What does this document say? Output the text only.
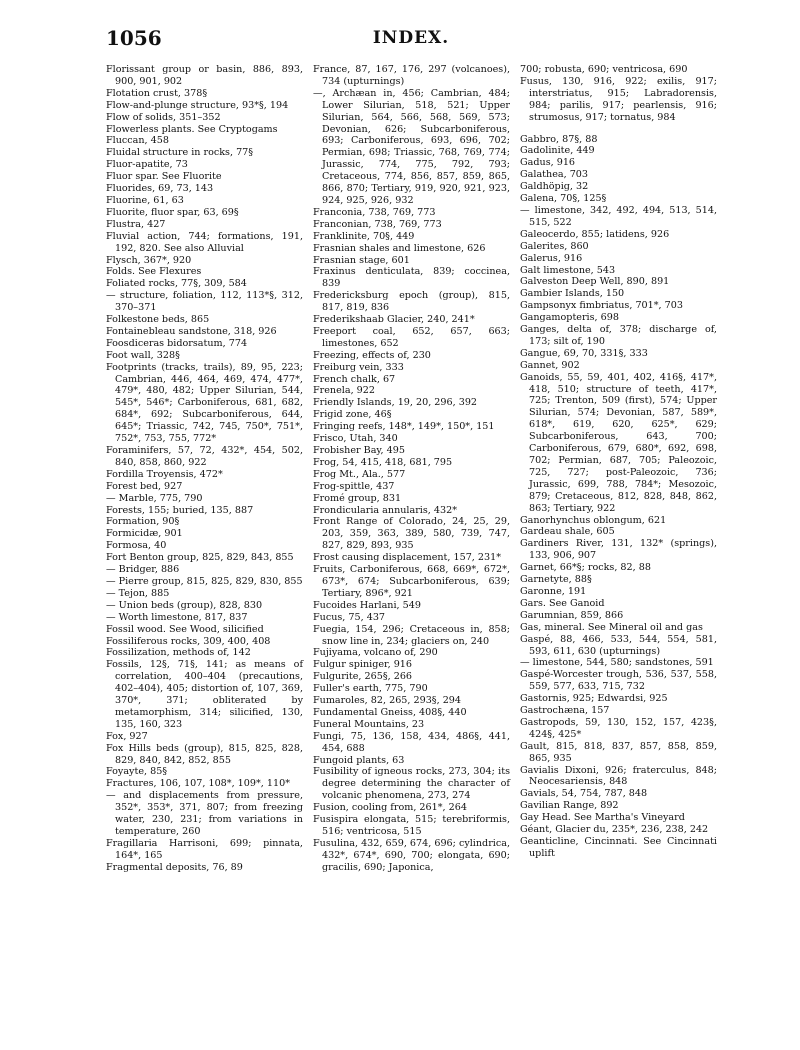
1056	INDEX.

Florissant group or basin, 886, 893, 900, 901, 902

Flotation crust, 378§

Flow-and-plunge structure, 93*§, 194

Flow of solids, 351–352

Flowerless plants. See Cryptogams

Fluccan, 458

Fluidal structure in rocks, 77§

Fluor-apatite, 73

Fluor spar. See Fluorite

Fluorides, 69, 73, 143

Fluorine, 61, 63

Fluorite, fluor spar, 63, 69§

Flustra, 427

Fluvial action, 744; formations, 191, 192, 820. See also Alluvial

Flysch, 367*, 920

Folds. See Flexures

Foliated rocks, 77§, 309, 584

— structure, foliation, 112, 113*§, 312, 370–371

Folkestone beds, 865

Fontainebleau sandstone, 318, 926

Foosdiceras bidorsatum, 774

Foot wall, 328§

Footprints (tracks, trails), 89, 95, 223; Cambrian, 446, 464, 469, 474, 477*, 479*, 480, 482; Upper Silurian, 544, 545*, 546*; Carboniferous, 681, 682, 684*, 692; Subcarboniferous, 644, 645*; Triassic, 742, 745, 750*, 751*, 752*, 753, 755, 772*

Foraminifers, 57, 72, 432*, 454, 502, 840, 858, 860, 922

Fordilla Troyensis, 472*

Forest bed, 927

— Marble, 775, 790

Forests, 155; buried, 135, 887

Formation, 90§

Formicidæ, 901

Formosa, 40

Fort Benton group, 825, 829, 843, 855

— Bridger, 886

— Pierre group, 815, 825, 829, 830, 855

— Tejon, 885

— Union beds (group), 828, 830

— Worth limestone, 817, 837

Fossil wood. See Wood, silicified

Fossiliferous rocks, 309, 400, 408

Fossilization, methods of, 142

Fossils, 12§, 71§, 141; as means of correlation, 400–404 (precautions, 402–404), 405; distortion of, 107, 369, 370*, 371; obliterated by metamorphism, 314; silicified, 130, 135, 160, 323

Fox, 927

Fox Hills beds (group), 815, 825, 828, 829, 840, 842, 852, 855

Foyayte, 85§

Fractures, 106, 107, 108*, 109*, 110*

— and displacements from pressure, 352*, 353*, 371, 807; from freezing water, 230, 231; from variations in temperature, 260

Fragillaria Harrisoni, 699; pinnata, 164*, 165

Fragmental deposits, 76, 89

France, 87, 167, 176, 297 (volcanoes), 734 (upturnings)

—, Archæan in, 456; Cambrian, 484; Lower Silurian, 518, 521; Upper Silurian, 564, 566, 568, 569, 573; Devonian, 626; Subcarboniferous, 693; Carboniferous, 693, 696, 702; Permian, 698; Triassic, 768, 769, 774; Jurassic, 774, 775, 792, 793; Cretaceous, 774, 856, 857, 859, 865, 866, 870; Tertiary, 919, 920, 921, 923, 924, 925, 926, 932

Franconia, 738, 769, 773

Franconian, 738, 769, 773

Franklinite, 70§, 449

Frasnian shales and limestone, 626

Frasnian stage, 601

Fraxinus denticulata, 839; coccinea, 839

Fredericksburg epoch (group), 815, 817, 819, 836

Frederikshaab Glacier, 240, 241*

Freeport coal, 652, 657, 663; limestones, 652

Freezing, effects of, 230

Freiburg vein, 333

French chalk, 67

Frenela, 922

Friendly Islands, 19, 20, 296, 392

Frigid zone, 46§

Fringing reefs, 148*, 149*, 150*, 151

Frisco, Utah, 340

Frobisher Bay, 495

Frog, 54, 415, 418, 681, 795

Frog Mt., Ala., 577

Frog-spittle, 437

Fromé group, 831

Frondicularia annularis, 432*

Front Range of Colorado, 24, 25, 29, 203, 359, 363, 389, 580, 739, 747, 827, 829, 893, 935

Frost causing displacement, 157, 231*

Fruits, Carboniferous, 668, 669*, 672*, 673*, 674; Subcarboniferous, 639; Tertiary, 896*, 921

Fucoides Harlani, 549

Fucus, 75, 437

Fuegia, 154, 296; Cretaceous in, 858; snow line in, 234; glaciers on, 240

Fujiyama, volcano of, 290

Fulgur spiniger, 916

Fulgurite, 265§, 266

Fuller's earth, 775, 790

Fumaroles, 82, 265, 293§, 294

Fundamental Gneiss, 408§, 440

Funeral Mountains, 23

Fungi, 75, 136, 158, 434, 486§, 441, 454, 688

Fungoid plants, 63

Fusibility of igneous rocks, 273, 304; its degree determining the character of volcanic phenomena, 273, 274

Fusion, cooling from, 261*, 264

Fusispira elongata, 515; terebriformis, 516; ventricosa, 515

Fusulina, 432, 659, 674, 696; cylindrica, 432*, 674*, 690, 700; elongata, 690; gracilis, 690; Japonica,

700; robusta, 690; ventricosa, 690

Fusus, 130, 916, 922; exilis, 917; interstriatus, 915; Labradorensis, 984; parilis, 917; pearlensis, 916; strumosus, 917; tornatus, 984

Gabbro, 87§, 88

Gadolinite, 449

Gadus, 916

Galathea, 703

Galdhöpig, 32

Galena, 70§, 125§

— limestone, 342, 492, 494, 513, 514, 515, 522

Galeocerdo, 855; latidens, 926

Galerites, 860

Galerus, 916

Galt limestone, 543

Galveston Deep Well, 890, 891

Gambier Islands, 150

Gampsonyx fimbriatus, 701*, 703

Gangamopteris, 698

Ganges, delta of, 378; discharge of, 173; silt of, 190

Gangue, 69, 70, 331§, 333

Gannet, 902

Ganoids, 55, 59, 401, 402, 416§, 417*, 418, 510; structure of teeth, 417*, 725; Trenton, 509 (first), 574; Upper Silurian, 574; Devonian, 587, 589*, 618*, 619, 620, 625*, 629; Subcarboniferous, 643, 700; Carboniferous, 679, 680*, 692, 698, 702; Permian, 687, 705; Paleozoic, 725, 727; post-Paleozoic, 736; Jurassic, 699, 788, 784*; Mesozoic, 879; Cretaceous, 812, 828, 848, 862, 863; Tertiary, 922

Ganorhynchus oblongum, 621

Gardeau shale, 605

Gardiners River, 131, 132* (springs), 133, 906, 907

Garnet, 66*§; rocks, 82, 88

Garnetyte, 88§

Garonne, 191

Gars. See Ganoid

Garumnian, 859, 866

Gas, mineral. See Mineral oil and gas

Gaspé, 88, 466, 533, 544, 554, 581, 593, 611, 630 (upturnings)

— limestone, 544, 580; sandstones, 591

Gaspé-Worcester trough, 536, 537, 558, 559, 577, 633, 715, 732

Gastornis, 925; Edwardsi, 925

Gastrochæna, 157

Gastropods, 59, 130, 152, 157, 423§, 424§, 425*

Gault, 815, 818, 837, 857, 858, 859, 865, 935

Gavialis Dixoni, 926; fraterculus, 848; Neocesariensis, 848

Gavials, 54, 754, 787, 848

Gavilian Range, 892

Gay Head. See Martha's Vineyard

Géant, Glacier du, 235*, 236, 238, 242

Geanticline, Cincinnati. See Cincinnati uplift
